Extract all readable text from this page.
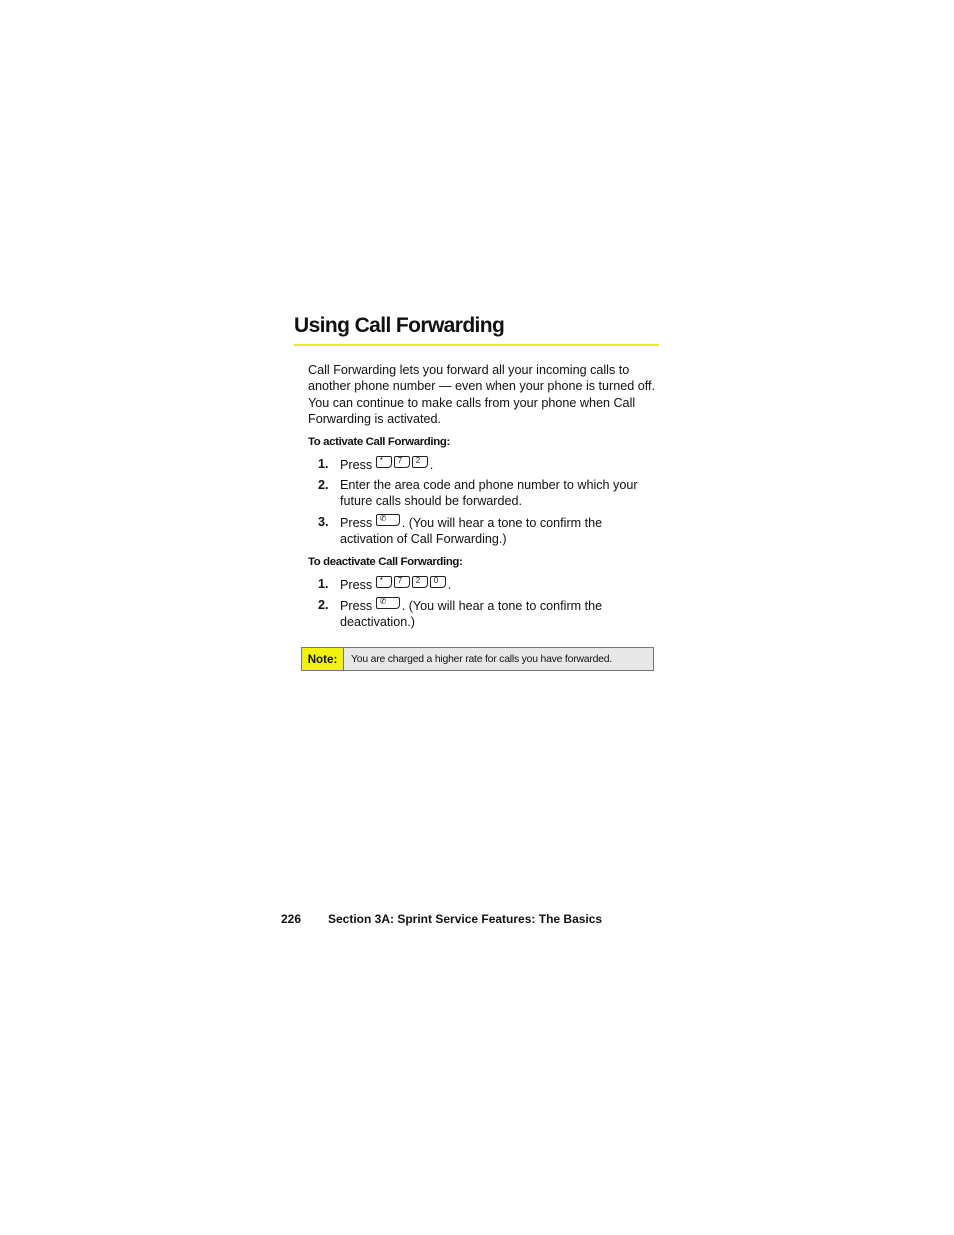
Using Call Forwarding
Call Forwarding lets you forward all your incoming calls to another phone number — even when your phone is turned off. You can continue to make calls from your phone when Call Forwarding is activated.
To activate Call Forwarding:
1. Press * 7 2 .
2. Enter the area code and phone number to which your future calls should be forwarded.
3. Press ✆ . (You will hear a tone to confirm the activation of Call Forwarding.)
To deactivate Call Forwarding:
1. Press * 7 2 0 .
2. Press ✆ . (You will hear a tone to confirm the deactivation.)
Note:	You are charged a higher rate for calls you have forwarded.
226 Section 3A: Sprint Service Features: The Basics
